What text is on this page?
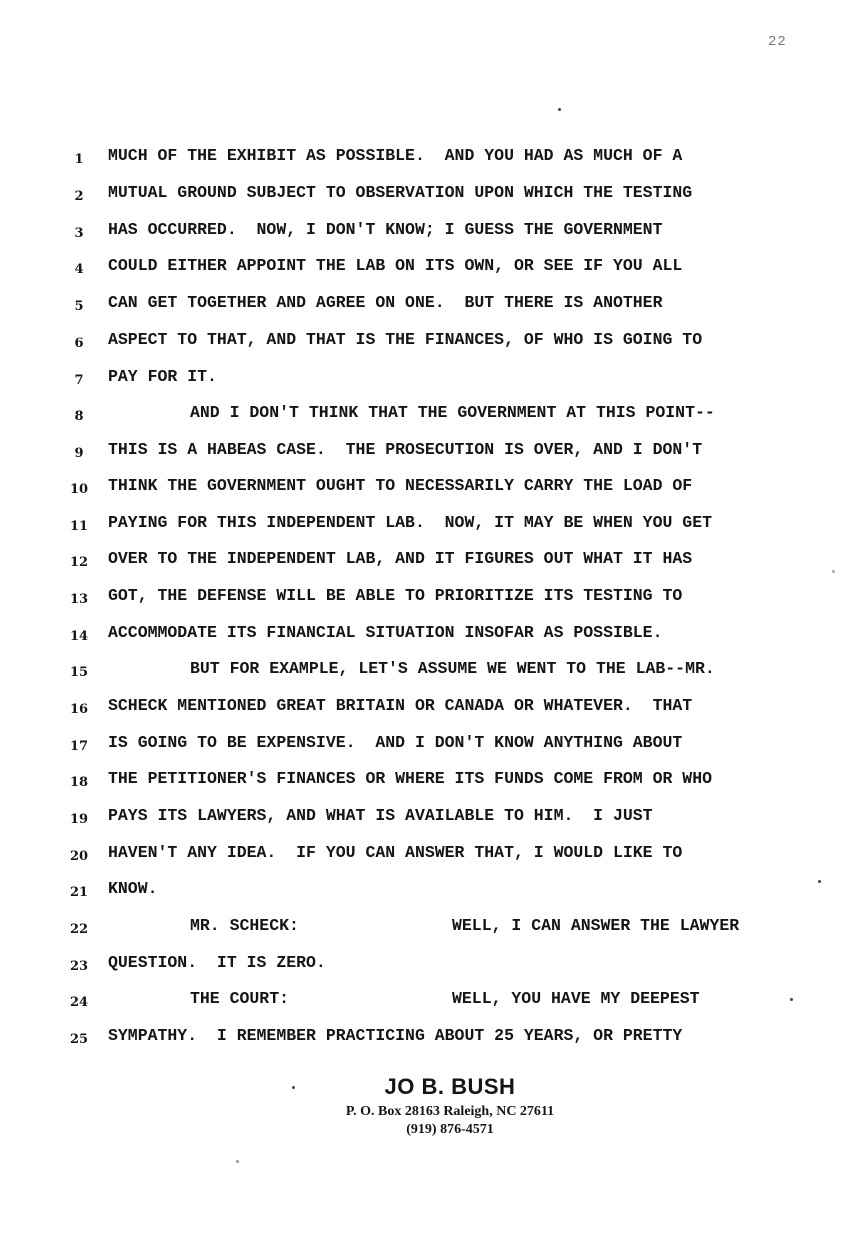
22
1	MUCH OF THE EXHIBIT AS POSSIBLE.  AND YOU HAD AS MUCH OF A
2	MUTUAL GROUND SUBJECT TO OBSERVATION UPON WHICH THE TESTING
3	HAS OCCURRED.  NOW, I DON'T KNOW; I GUESS THE GOVERNMENT
4	COULD EITHER APPOINT THE LAB ON ITS OWN, OR SEE IF YOU ALL
5	CAN GET TOGETHER AND AGREE ON ONE.  BUT THERE IS ANOTHER
6	ASPECT TO THAT, AND THAT IS THE FINANCES, OF WHO IS GOING TO
7	PAY FOR IT.
8	AND I DON'T THINK THAT THE GOVERNMENT AT THIS POINT--
9	THIS IS A HABEAS CASE.  THE PROSECUTION IS OVER, AND I DON'T
10	THINK THE GOVERNMENT OUGHT TO NECESSARILY CARRY THE LOAD OF
11	PAYING FOR THIS INDEPENDENT LAB.  NOW, IT MAY BE WHEN YOU GET
12	OVER TO THE INDEPENDENT LAB, AND IT FIGURES OUT WHAT IT HAS
13	GOT, THE DEFENSE WILL BE ABLE TO PRIORITIZE ITS TESTING TO
14	ACCOMMODATE ITS FINANCIAL SITUATION INSOFAR AS POSSIBLE.
15	BUT FOR EXAMPLE, LET'S ASSUME WE WENT TO THE LAB--MR.
16	SCHECK MENTIONED GREAT BRITAIN OR CANADA OR WHATEVER.  THAT
17	IS GOING TO BE EXPENSIVE.  AND I DON'T KNOW ANYTHING ABOUT
18	THE PETITIONER'S FINANCES OR WHERE ITS FUNDS COME FROM OR WHO
19	PAYS ITS LAWYERS, AND WHAT IS AVAILABLE TO HIM.  I JUST
20	HAVEN'T ANY IDEA.  IF YOU CAN ANSWER THAT, I WOULD LIKE TO
21	KNOW.
22	MR. SCHECK:	WELL, I CAN ANSWER THE LAWYER
23	QUESTION.  IT IS ZERO.
24	THE COURT:	WELL, YOU HAVE MY DEEPEST
25	SYMPATHY.  I REMEMBER PRACTICING ABOUT 25 YEARS, OR PRETTY
JO B. BUSH
P. O. Box 28163 Raleigh, NC 27611
(919) 876-4571
